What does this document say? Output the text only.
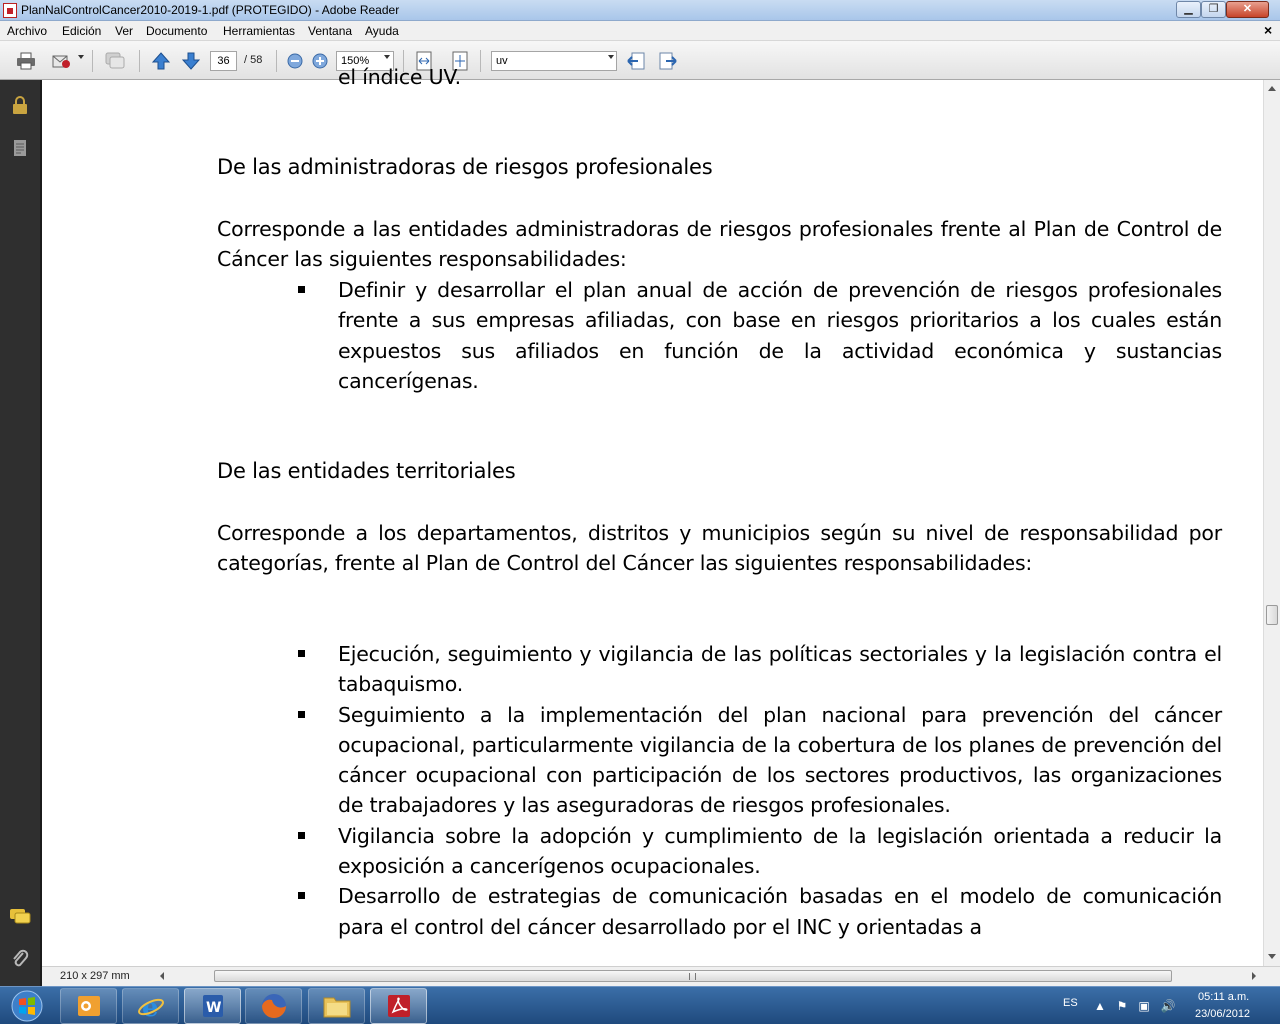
PlanNalControlCancer2010-2019-1.pdf (PROTEGIDO) - Adobe Reader	▁	❐	✕
Archivo Edición Ver Documento Herramientas Ventana Ayuda	×
36	/ 58	150%	uv
el índice UV.
De las administradoras de riesgos profesionales
Corresponde a las entidades administradoras de riesgos profesionales frente al Plan de Control de Cáncer las siguientes responsabilidades:
Definir y desarrollar el plan anual de acción de prevención de riesgos profesionales frente a sus empresas afiliadas, con base en riesgos prioritarios a los cuales están expuestos sus afiliados en función de la actividad económica y sustancias cancerígenas.
De las entidades territoriales
Corresponde a los departamentos, distritos y municipios según su nivel de responsabilidad por categorías, frente al Plan de Control del Cáncer las siguientes responsabilidades:
Ejecución, seguimiento y vigilancia de las políticas sectoriales y la legislación contra el tabaquismo.
Seguimiento a la implementación del plan nacional para prevención del cáncer ocupacional, particularmente vigilancia de la cobertura de los planes de prevención del cáncer ocupacional con participación de los sectores productivos, las organizaciones de trabajadores y las aseguradoras de riesgos profesionales.
Vigilancia sobre la adopción y cumplimiento de la legislación orientada a reducir la exposición a cancerígenos ocupacionales.
Desarrollo de estrategias de comunicación basadas en el modelo de comunicación para el control del cáncer desarrollado por el INC y orientadas a
210 x 297 mm
e	W	ES ▲ ⚑ ▣ 🔊
05:11 a.m.
23/06/2012
